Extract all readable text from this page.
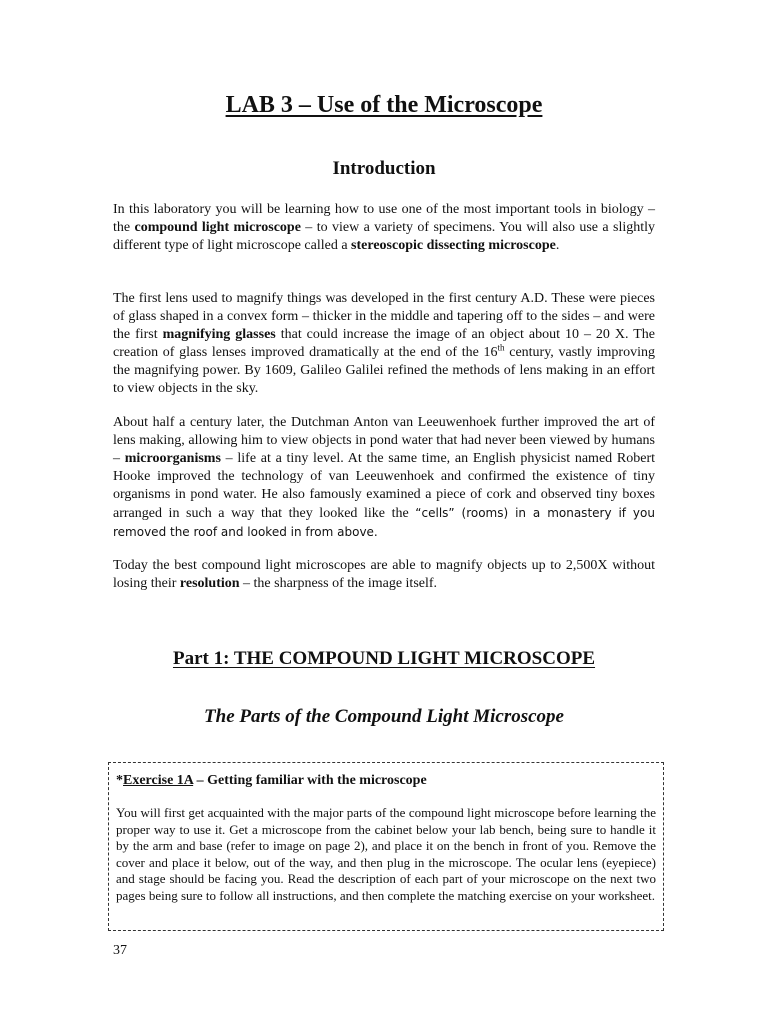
LAB 3 – Use of the Microscope
Introduction

In this laboratory you will be learning how to use one of the most important tools in biology – the compound light microscope – to view a variety of specimens. You will also use a slightly different type of light microscope called a stereoscopic dissecting microscope.

The first lens used to magnify things was developed in the first century A.D. These were pieces of glass shaped in a convex form – thicker in the middle and tapering off to the sides – and were the first magnifying glasses that could increase the image of an object about 10 – 20 X. The creation of glass lenses improved dramatically at the end of the 16th century, vastly improving the magnifying power. By 1609, Galileo Galilei refined the methods of lens making in an effort to view objects in the sky.

About half a century later, the Dutchman Anton van Leeuwenhoek further improved the art of lens making, allowing him to view objects in pond water that had never been viewed by humans – microorganisms – life at a tiny level. At the same time, an English physicist named Robert Hooke improved the technology of van Leeuwenhoek and confirmed the existence of tiny organisms in pond water. He also famously examined a piece of cork and observed tiny boxes arranged in such a way that they looked like the “cells” (rooms) in a monastery if you removed the roof and looked in from above.

Today the best compound light microscopes are able to magnify objects up to 2,500X without losing their resolution – the sharpness of the image itself.

Part 1: THE COMPOUND LIGHT MICROSCOPE
The Parts of the Compound Light Microscope
*Exercise 1A – Getting familiar with the microscope

You will first get acquainted with the major parts of the compound light microscope before learning the proper way to use it. Get a microscope from the cabinet below your lab bench, being sure to handle it by the arm and base (refer to image on page 2), and place it on the bench in front of you. Remove the cover and place it below, out of the way, and then plug in the microscope. The ocular lens (eyepiece) and stage should be facing you. Read the description of each part of your microscope on the next two pages being sure to follow all instructions, and then complete the matching exercise on your worksheet.

37
